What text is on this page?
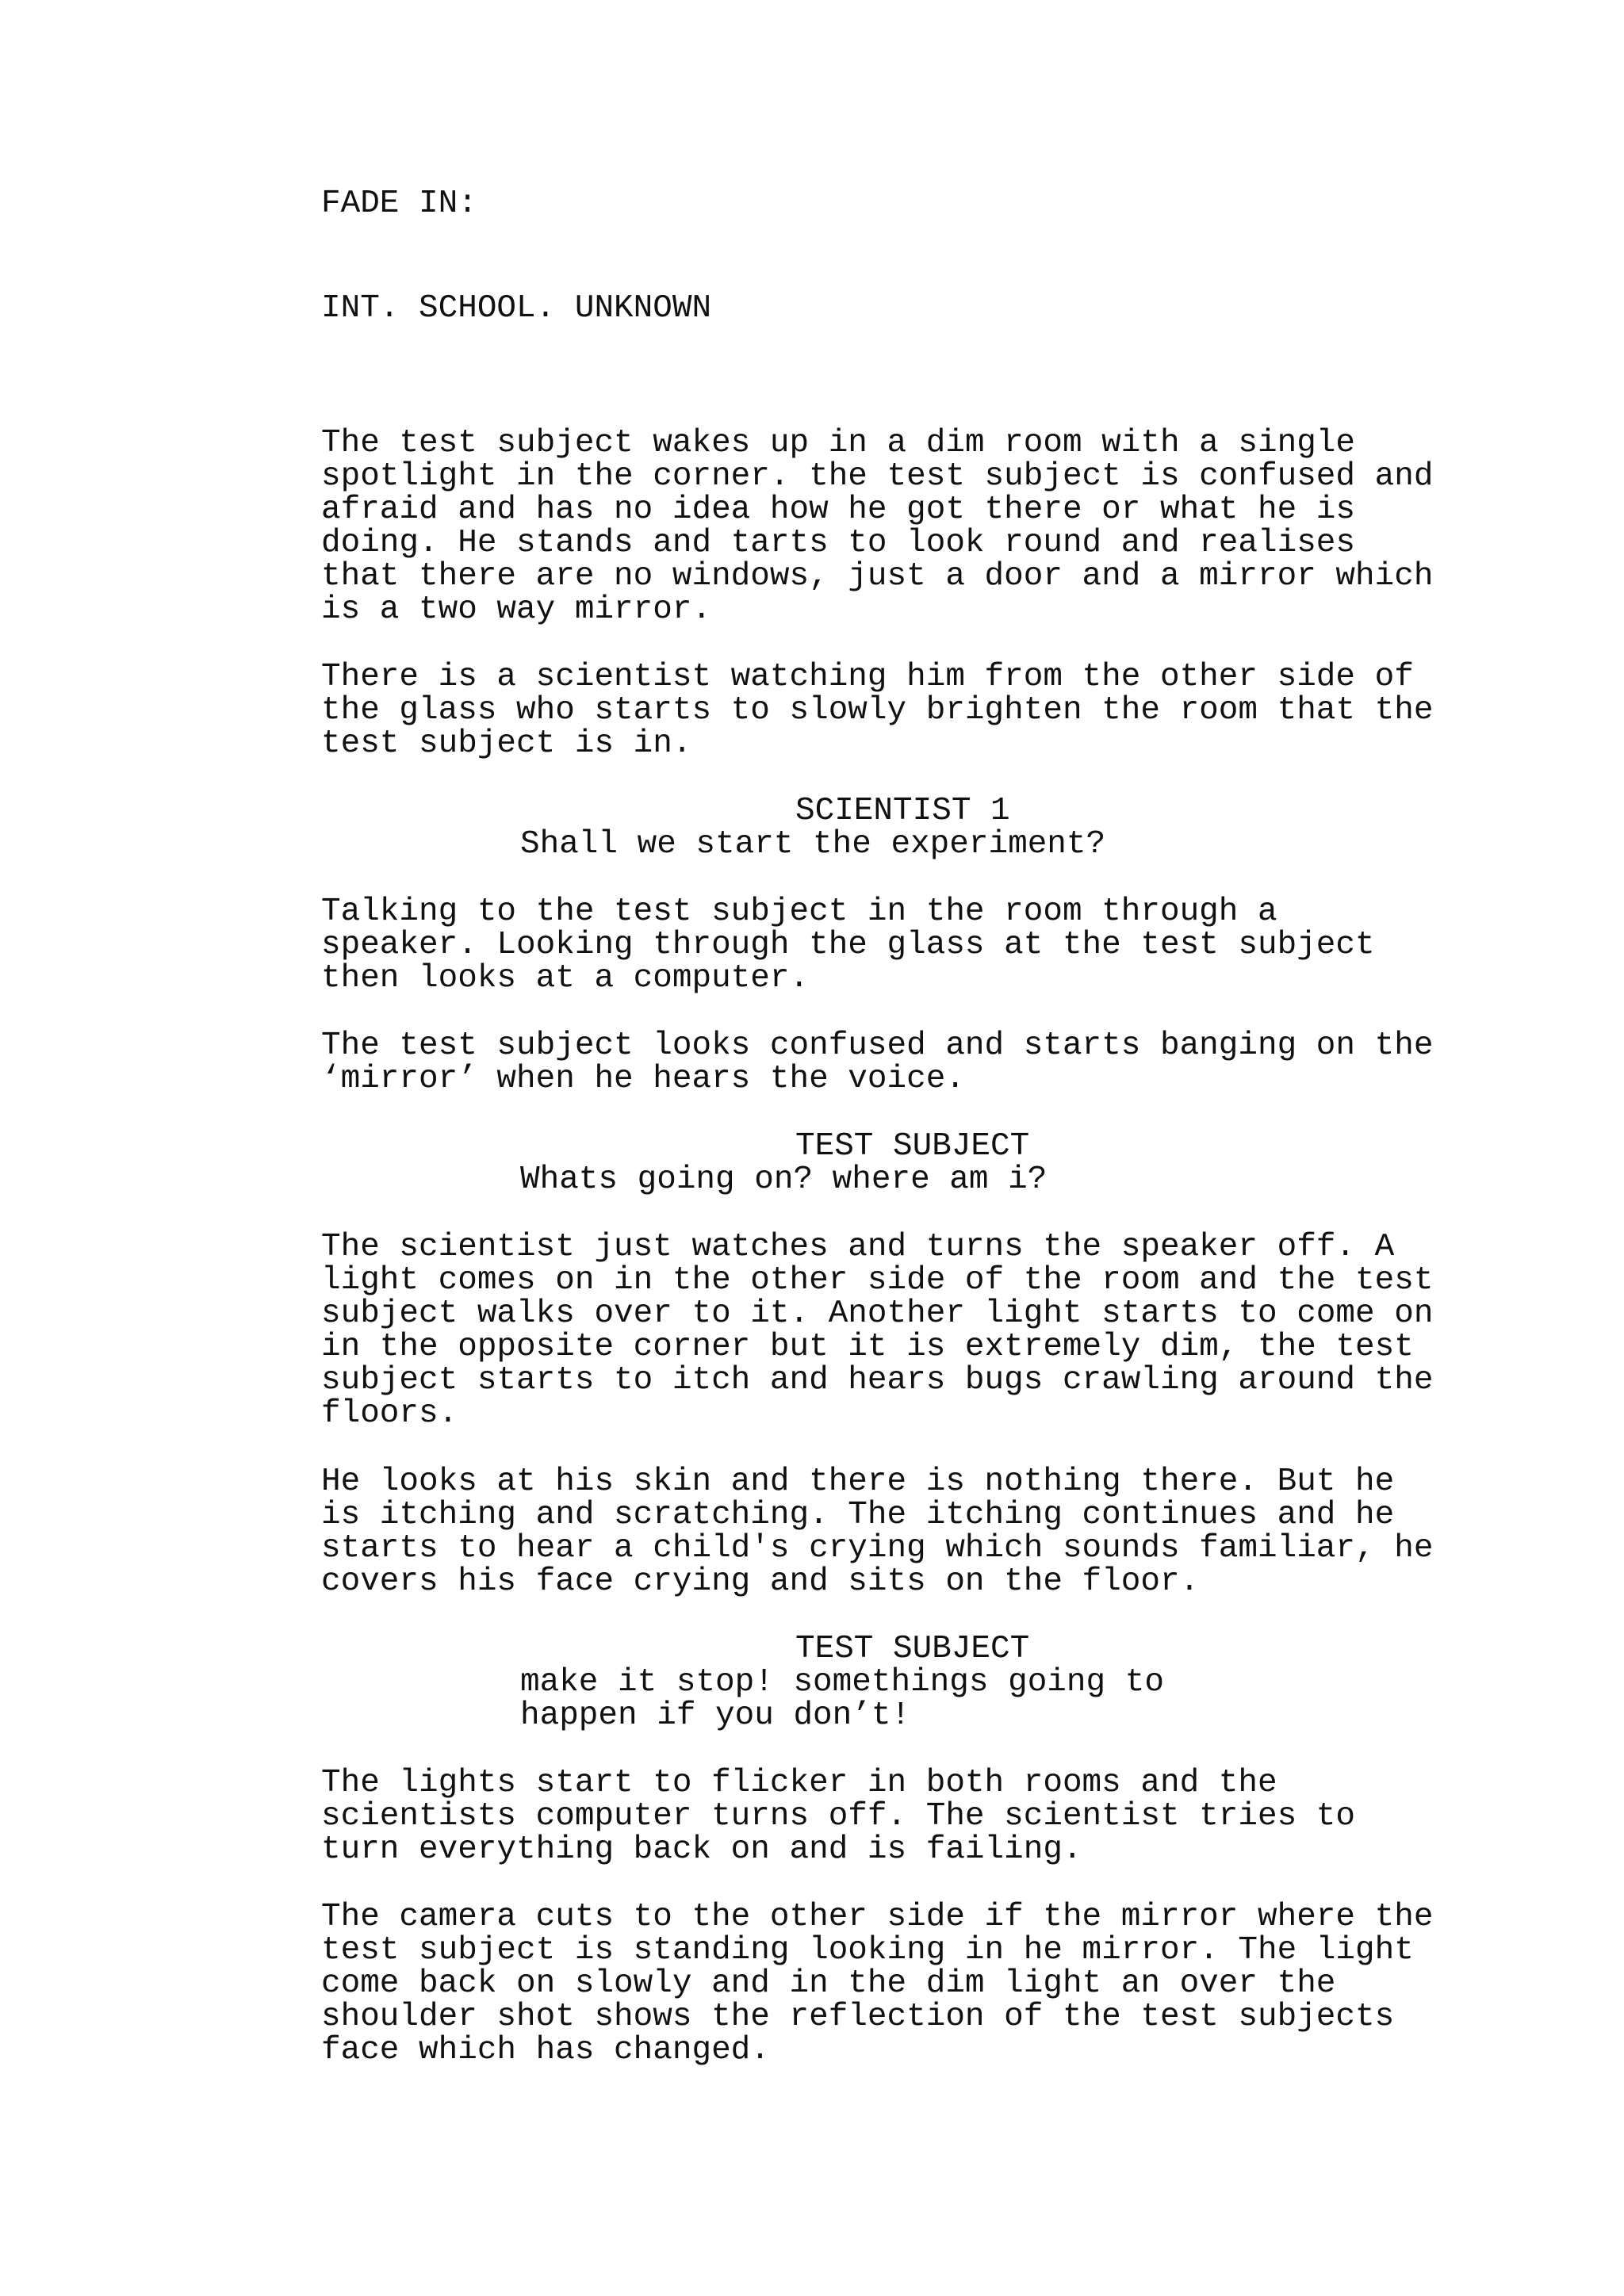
FADE IN:

INT. SCHOOL. UNKNOWN

The test subject wakes up in a dim room with a single

spotlight in the corner. the test subject is confused and

afraid and has no idea how he got there or what he is

doing. He stands and tarts to look round and realises

that there are no windows, just a door and a mirror which

is a two way mirror.

There is a scientist watching him from the other side of

the glass who starts to slowly brighten the room that the

test subject is in.

SCIENTIST 1

Shall we start the experiment?

Talking to the test subject in the room through a

speaker. Looking through the glass at the test subject

then looks at a computer.

The test subject looks confused and starts banging on the

‘mirror’ when he hears the voice.

TEST SUBJECT

Whats going on? where am i?

The scientist just watches and turns the speaker off. A

light comes on in the other side of the room and the test

subject walks over to it. Another light starts to come on

in the opposite corner but it is extremely dim, the test

subject starts to itch and hears bugs crawling around the

floors.

He looks at his skin and there is nothing there. But he

is itching and scratching. The itching continues and he

starts to hear a child's crying which sounds familiar, he

covers his face crying and sits on the floor.

TEST SUBJECT

make it stop! somethings going to

happen if you don’t!

The lights start to flicker in both rooms and the

scientists computer turns off. The scientist tries to

turn everything back on and is failing.

The camera cuts to the other side if the mirror where the

test subject is standing looking in he mirror. The light

come back on slowly and in the dim light an over the

shoulder shot shows the reflection of the test subjects

face which has changed.
